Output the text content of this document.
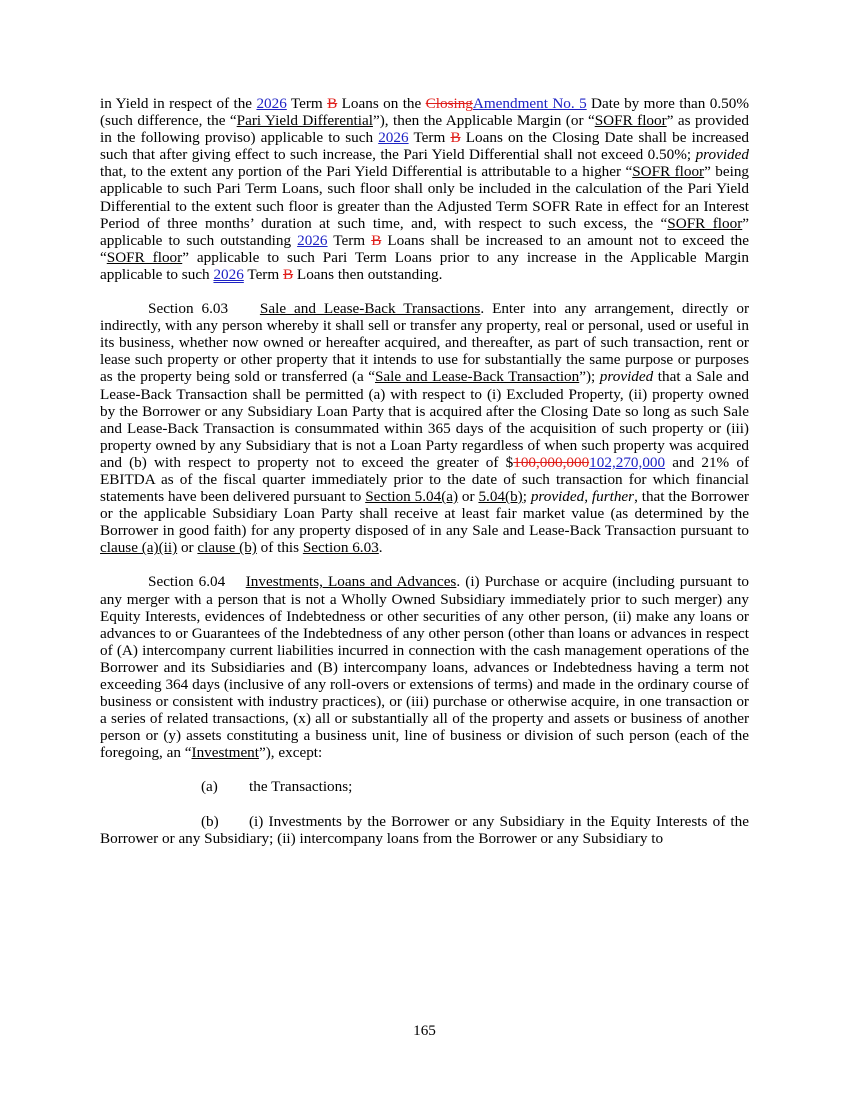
in Yield in respect of the 2026 Term B Loans on the ClosingAmendment No. 5 Date by more than 0.50% (such difference, the “Pari Yield Differential”), then the Applicable Margin (or “SOFR floor” as provided in the following proviso) applicable to such 2026 Term B Loans on the Closing Date shall be increased such that after giving effect to such increase, the Pari Yield Differential shall not exceed 0.50%; provided that, to the extent any portion of the Pari Yield Differential is attributable to a higher “SOFR floor” being applicable to such Pari Term Loans, such floor shall only be included in the calculation of the Pari Yield Differential to the extent such floor is greater than the Adjusted Term SOFR Rate in effect for an Interest Period of three months’ duration at such time, and, with respect to such excess, the “SOFR floor” applicable to such outstanding 2026 Term B Loans shall be increased to an amount not to exceed the “SOFR floor” applicable to such Pari Term Loans prior to any increase in the Applicable Margin applicable to such 2026 Term B Loans then outstanding.

Section 6.03 Sale and Lease-Back Transactions. Enter into any arrangement, directly or indirectly, with any person whereby it shall sell or transfer any property, real or personal, used or useful in its business, whether now owned or hereafter acquired, and thereafter, as part of such transaction, rent or lease such property or other property that it intends to use for substantially the same purpose or purposes as the property being sold or transferred (a “Sale and Lease-Back Transaction”); provided that a Sale and Lease-Back Transaction shall be permitted (a) with respect to (i) Excluded Property, (ii) property owned by the Borrower or any Subsidiary Loan Party that is acquired after the Closing Date so long as such Sale and Lease-Back Transaction is consummated within 365 days of the acquisition of such property or (iii) property owned by any Subsidiary that is not a Loan Party regardless of when such property was acquired and (b) with respect to property not to exceed the greater of $100,000,000102,270,000 and 21% of EBITDA as of the fiscal quarter immediately prior to the date of such transaction for which financial statements have been delivered pursuant to Section 5.04(a) or 5.04(b); provided, further, that the Borrower or the applicable Subsidiary Loan Party shall receive at least fair market value (as determined by the Borrower in good faith) for any property disposed of in any Sale and Lease-Back Transaction pursuant to clause (a)(ii) or clause (b) of this Section 6.03.

Section 6.04 Investments, Loans and Advances. (i) Purchase or acquire (including pursuant to any merger with a person that is not a Wholly Owned Subsidiary immediately prior to such merger) any Equity Interests, evidences of Indebtedness or other securities of any other person, (ii) make any loans or advances to or Guarantees of the Indebtedness of any other person (other than loans or advances in respect of (A) intercompany current liabilities incurred in connection with the cash management operations of the Borrower and its Subsidiaries and (B) intercompany loans, advances or Indebtedness having a term not exceeding 364 days (inclusive of any roll-overs or extensions of terms) and made in the ordinary course of business or consistent with industry practices), or (iii) purchase or otherwise acquire, in one transaction or a series of related transactions, (x) all or substantially all of the property and assets or business of another person or (y) assets constituting a business unit, line of business or division of such person (each of the foregoing, an “Investment”), except:

(a) the Transactions;

(b) (i) Investments by the Borrower or any Subsidiary in the Equity Interests of the Borrower or any Subsidiary; (ii) intercompany loans from the Borrower or any Subsidiary to

165
